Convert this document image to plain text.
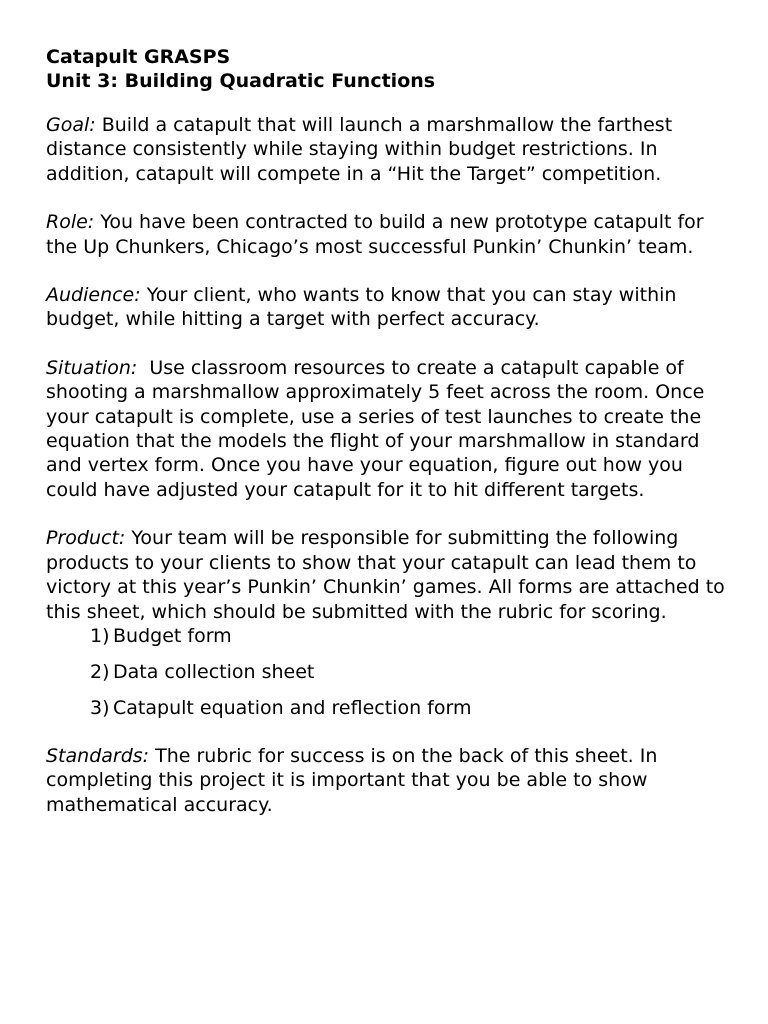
Catapult GRASPS

Unit 3: Building Quadratic Functions

Goal: Build a catapult that will launch a marshmallow the farthest distance consistently while staying within budget restrictions. In addition, catapult will compete in a “Hit the Target” competition.

Role: You have been contracted to build a new prototype catapult for the Up Chunkers, Chicago’s most successful Punkin’ Chunkin’ team.

Audience: Your client, who wants to know that you can stay within budget, while hitting a target with perfect accuracy.

Situation:  Use classroom resources to create a catapult capable of shooting a marshmallow approximately 5 feet across the room. Once your catapult is complete, use a series of test launches to create the equation that the models the flight of your marshmallow in standard and vertex form. Once you have your equation, figure out how you could have adjusted your catapult for it to hit different targets.

Product: Your team will be responsible for submitting the following products to your clients to show that your catapult can lead them to victory at this year’s Punkin’ Chunkin’ games. All forms are attached to this sheet, which should be submitted with the rubric for scoring.

1) Budget form
2) Data collection sheet
3) Catapult equation and reflection form

Standards: The rubric for success is on the back of this sheet. In completing this project it is important that you be able to show mathematical accuracy.
